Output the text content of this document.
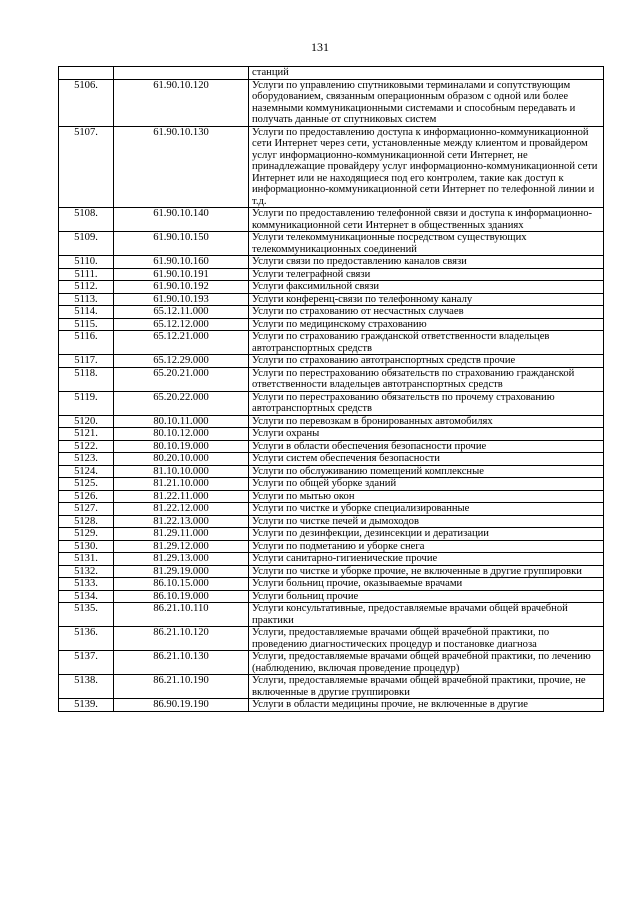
131
		станций
5106.	61.90.10.120	Услуги по управлению спутниковыми терминалами и сопутствующим оборудованием, связанным операционным образом с одной или более наземными коммуникационными системами и способным передавать и получать данные от спутниковых систем
5107.	61.90.10.130	Услуги по предоставлению доступа к информационно-коммуникационной сети Интернет через сети, установленные между клиентом и провайдером услуг информационно-коммуникационной сети Интернет, не принадлежащие провайдеру услуг информационно-коммуникационной сети Интернет или не находящиеся под его контролем, такие как доступ к информационно-коммуникационной сети Интернет по телефонной линии и т.д.
5108.	61.90.10.140	Услуги по предоставлению телефонной связи и доступа к информационно-коммуникационной сети Интернет в общественных зданиях
5109.	61.90.10.150	Услуги телекоммуникационные посредством существующих телекоммуникационных соединений
5110.	61.90.10.160	Услуги связи по предоставлению каналов связи
5111.	61.90.10.191	Услуги телеграфной связи
5112.	61.90.10.192	Услуги факсимильной связи
5113.	61.90.10.193	Услуги конференц-связи по телефонному каналу
5114.	65.12.11.000	Услуги по страхованию от несчастных случаев
5115.	65.12.12.000	Услуги по медицинскому страхованию
5116.	65.12.21.000	Услуги по страхованию гражданской ответственности владельцев автотранспортных средств
5117.	65.12.29.000	Услуги по страхованию автотранспортных средств прочие
5118.	65.20.21.000	Услуги по перестрахованию обязательств по страхованию гражданской ответственности владельцев автотранспортных средств
5119.	65.20.22.000	Услуги по перестрахованию обязательств по прочему страхованию автотранспортных средств
5120.	80.10.11.000	Услуги по перевозкам в бронированных автомобилях
5121.	80.10.12.000	Услуги охраны
5122.	80.10.19.000	Услуги в области обеспечения безопасности прочие
5123.	80.20.10.000	Услуги систем обеспечения безопасности
5124.	81.10.10.000	Услуги по обслуживанию помещений комплексные
5125.	81.21.10.000	Услуги по общей уборке зданий
5126.	81.22.11.000	Услуги по мытью окон
5127.	81.22.12.000	Услуги по чистке и уборке специализированные
5128.	81.22.13.000	Услуги по чистке печей и дымоходов
5129.	81.29.11.000	Услуги по дезинфекции, дезинсекции и дератизации
5130.	81.29.12.000	Услуги по подметанию и уборке снега
5131.	81.29.13.000	Услуги санитарно-гигиенические прочие
5132.	81.29.19.000	Услуги по чистке и уборке прочие, не включенные в другие группировки
5133.	86.10.15.000	Услуги больниц прочие, оказываемые врачами
5134.	86.10.19.000	Услуги больниц прочие
5135.	86.21.10.110	Услуги консультативные, предоставляемые врачами общей врачебной практики
5136.	86.21.10.120	Услуги, предоставляемые врачами общей врачебной практики, по проведению диагностических процедур и постановке диагноза
5137.	86.21.10.130	Услуги, предоставляемые врачами общей врачебной практики, по лечению (наблюдению, включая проведение процедур)
5138.	86.21.10.190	Услуги, предоставляемые врачами общей врачебной практики, прочие, не включенные в другие группировки
5139.	86.90.19.190	Услуги в области медицины прочие, не включенные в другие
